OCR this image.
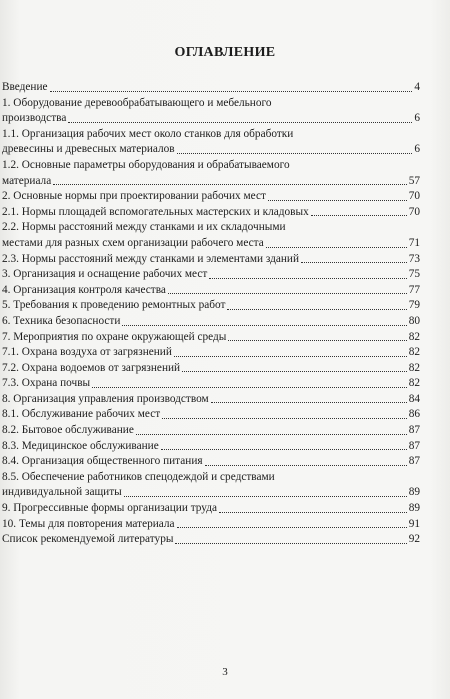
ОГЛАВЛЕНИЕ
Введение	4
1. Оборудование деревообрабатывающего и мебельного
производства	6
1.1. Организация рабочих мест около станков для обработки
древесины и древесных материалов	6
1.2. Основные параметры оборудования и обрабатываемого
материала	57
2. Основные нормы при проектировании рабочих мест	70
2.1. Нормы площадей вспомогательных мастерских и кладовых	70
2.2. Нормы расстояний между станками и их складочными
местами для разных схем организации рабочего места	71
2.3. Нормы расстояний между станками и элементами зданий	73
3. Организация и оснащение рабочих мест	75
4. Организация контроля качества	77
5. Требования к проведению ремонтных работ	79
6. Техника безопасности	80
7. Мероприятия по охране окружающей среды	82
7.1. Охрана воздуха от загрязнений	82
7.2. Охрана водоемов от загрязнений	82
7.3. Охрана почвы	82
8. Организация управления производством	84
8.1. Обслуживание рабочих мест	86
8.2. Бытовое обслуживание	87
8.3. Медицинское обслуживание	87
8.4. Организация общественного питания	87
8.5. Обеспечение работников спецодеждой и средствами
индивидуальной защиты	89
9. Прогрессивные формы организации труда	89
10. Темы для повторения материала	91
Список рекомендуемой литературы	92
3
